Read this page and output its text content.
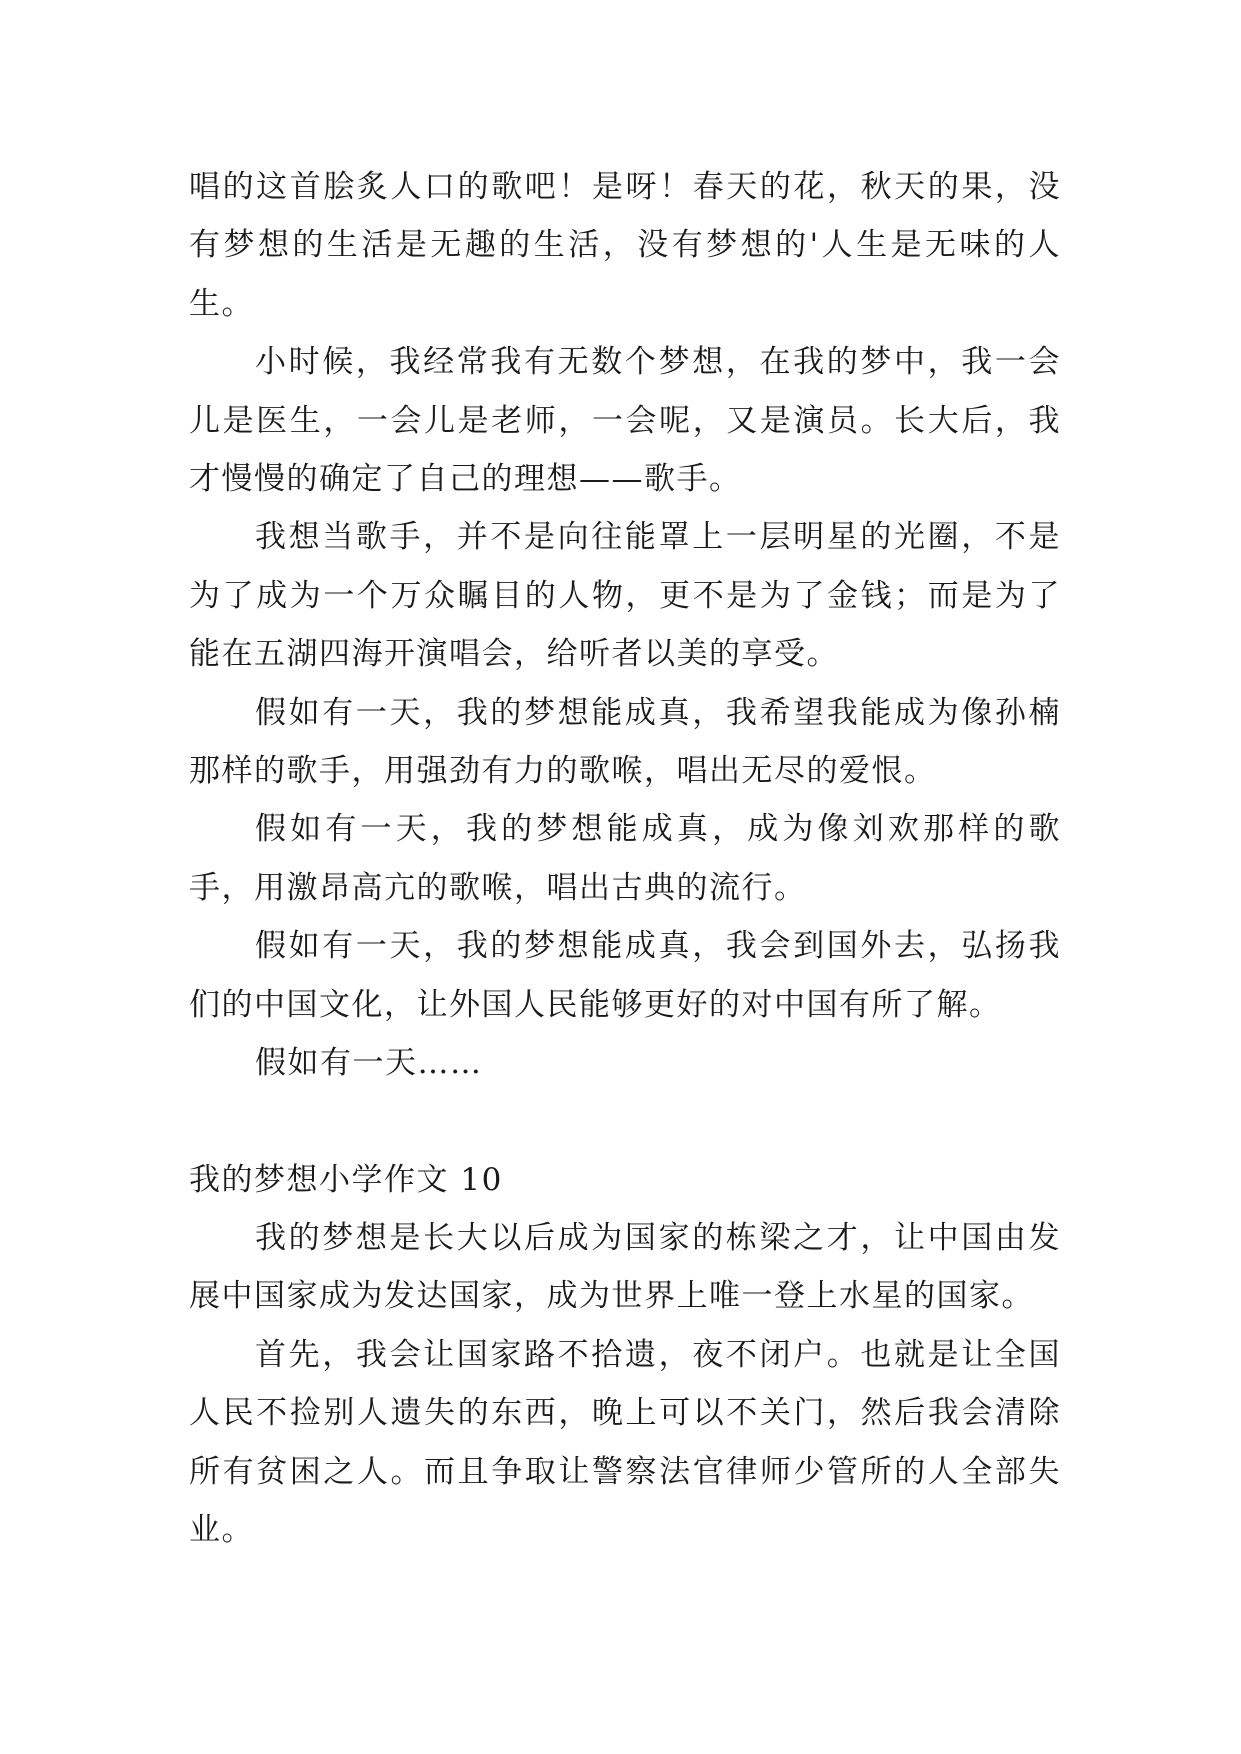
唱的这首脍炙人口的歌吧！是呀！春天的花，秋天的果，没有梦想的生活是无趣的生活，没有梦想的'人生是无味的人生。

小时候，我经常我有无数个梦想，在我的梦中，我一会儿是医生，一会儿是老师，一会呢，又是演员。长大后，我才慢慢的确定了自己的理想——歌手。

我想当歌手，并不是向往能罩上一层明星的光圈，不是为了成为一个万众瞩目的人物，更不是为了金钱；而是为了能在五湖四海开演唱会，给听者以美的享受。

假如有一天，我的梦想能成真，我希望我能成为像孙楠那样的歌手，用强劲有力的歌喉，唱出无尽的爱恨。

假如有一天，我的梦想能成真，成为像刘欢那样的歌手，用激昂高亢的歌喉，唱出古典的流行。

假如有一天，我的梦想能成真，我会到国外去，弘扬我们的中国文化，让外国人民能够更好的对中国有所了解。

假如有一天……

我的梦想小学作文 10

我的梦想是长大以后成为国家的栋梁之才，让中国由发展中国家成为发达国家，成为世界上唯一登上水星的国家。

首先，我会让国家路不拾遗，夜不闭户。也就是让全国人民不捡别人遗失的东西，晚上可以不关门，然后我会清除所有贫困之人。而且争取让警察法官律师少管所的人全部失业。
